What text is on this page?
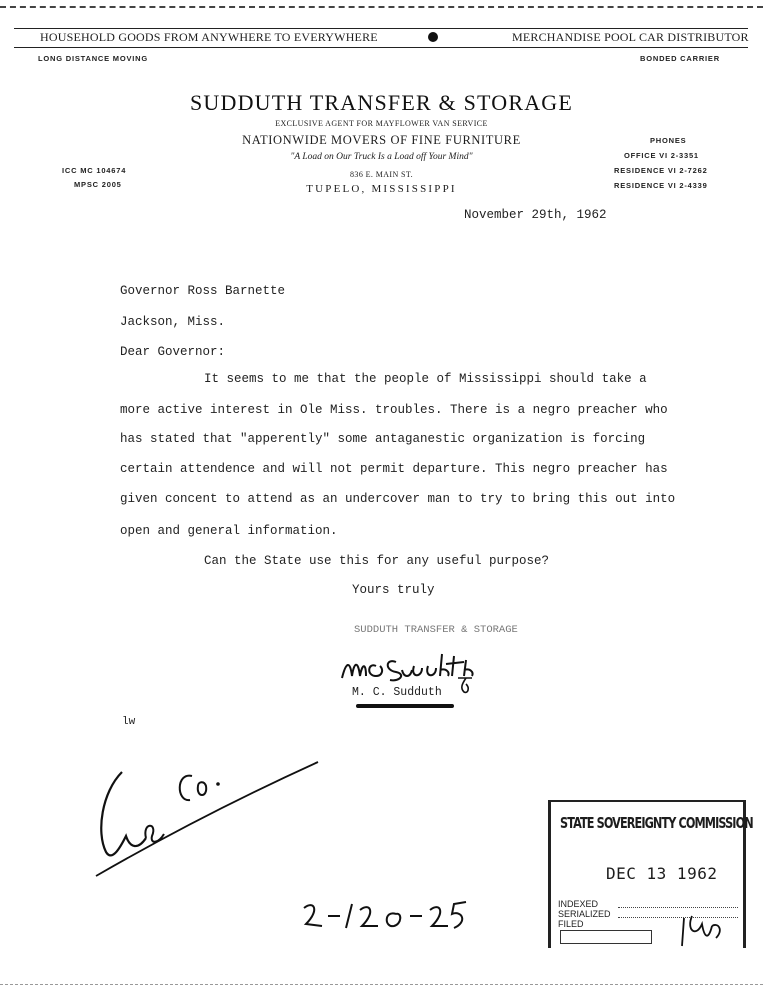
HOUSEHOLD GOODS FROM ANYWHERE TO EVERYWHERE	MERCHANDISE POOL CAR DISTRIBUTOR
LONG DISTANCE MOVING	BONDED CARRIER
SUDDUTH TRANSFER & STORAGE
EXCLUSIVE AGENT FOR MAYFLOWER VAN SERVICE
NATIONWIDE MOVERS OF FINE FURNITURE
"A Load on Our Truck Is a Load off Your Mind"
836 E. MAIN ST.
TUPELO, MISSISSIPPI
ICC MC 104674
MPSC 2005
PHONES
OFFICE VI 2-3351
RESIDENCE VI 2-7262
RESIDENCE VI 2-4339
November 29th, 1962
Governor Ross Barnette
Jackson, Miss.
Dear Governor:
It seems to me that the people of Mississippi should take a
more active interest in Ole Miss. troubles. There is a negro preacher who
has stated that "apperently" some antaganestic organization is forcing
certain attendence and will not permit departure. This negro preacher has
given concent to attend as an undercover man to try to bring this out into
open and general information.
Can the State use this for any useful purpose?
Yours truly
SUDDUTH TRANSFER & STORAGE
M. C. Sudduth
lw
STATE SOVEREIGNTY COMMISSION
DEC 13 1962
INDEXED
SERIALIZED
FILED
